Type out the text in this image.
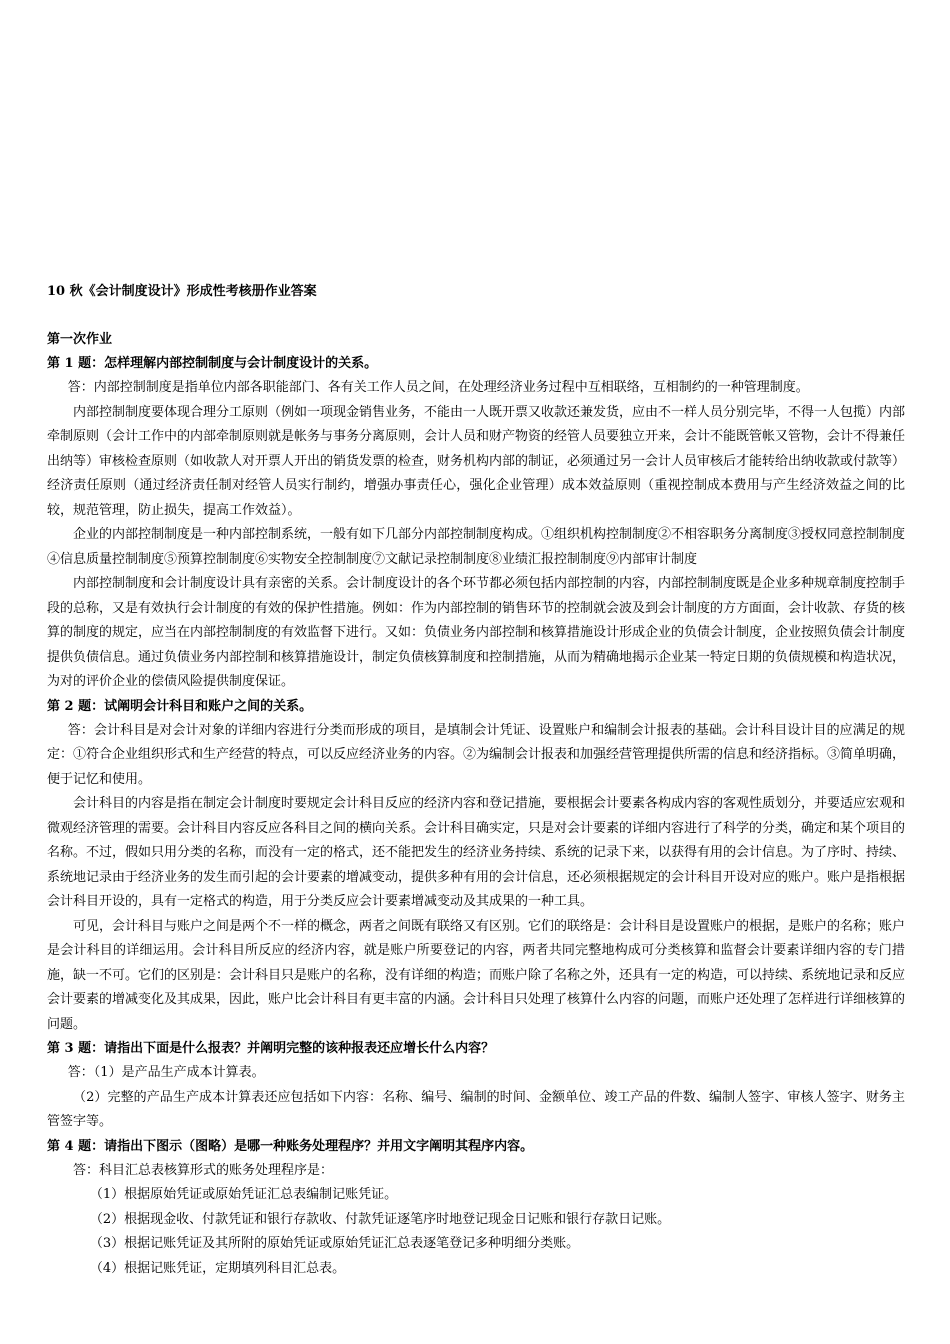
10 秋《会计制度设计》形成性考核册作业答案

第一次作业

第 1 题：怎样理解内部控制制度与会计制度设计的关系。

答：内部控制制度是指单位内部各职能部门、各有关工作人员之间，在处理经济业务过程中互相联络，互相制约的一种管理制度。

内部控制制度要体现合理分工原则（例如一项现金销售业务，不能由一人既开票又收款还兼发货，应由不一样人员分别完毕，不得一人包揽）内部牵制原则（会计工作中的内部牵制原则就是帐务与事务分离原则，会计人员和财产物资的经管人员要独立开来，会计不能既管帐又管物，会计不得兼任出纳等）审核检查原则（如收款人对开票人开出的销货发票的检查，财务机构内部的制证，必须通过另一会计人员审核后才能转给出纳收款或付款等）经济责任原则（通过经济责任制对经管人员实行制约，增强办事责任心，强化企业管理）成本效益原则（重视控制成本费用与产生经济效益之间的比较，规范管理，防止损失，提高工作效益）。

企业的内部控制制度是一种内部控制系统，一般有如下几部分内部控制制度构成。①组织机构控制制度②不相容职务分离制度③授权同意控制制度④信息质量控制制度⑤预算控制制度⑥实物安全控制制度⑦文献记录控制制度⑧业绩汇报控制制度⑨内部审计制度

内部控制制度和会计制度设计具有亲密的关系。会计制度设计的各个环节都必须包括内部控制的内容，内部控制制度既是企业多种规章制度控制手段的总称，又是有效执行会计制度的有效的保护性措施。例如：作为内部控制的销售环节的控制就会波及到会计制度的方方面面，会计收款、存货的核算的制度的规定，应当在内部控制制度的有效监督下进行。又如：负债业务内部控制和核算措施设计形成企业的负债会计制度，企业按照负债会计制度提供负债信息。通过负债业务内部控制和核算措施设计，制定负债核算制度和控制措施，从而为精确地揭示企业某一特定日期的负债规模和构造状况，为对的评价企业的偿债风险提供制度保证。

第 2 题：试阐明会计科目和账户之间的关系。

答：会计科目是对会计对象的详细内容进行分类而形成的项目，是填制会计凭证、设置账户和编制会计报表的基础。会计科目设计目的应满足的规定：①符合企业组织形式和生产经营的特点，可以反应经济业务的内容。②为编制会计报表和加强经营管理提供所需的信息和经济指标。③简单明确，便于记忆和使用。

会计科目的内容是指在制定会计制度时要规定会计科目反应的经济内容和登记措施，要根据会计要素各构成内容的客观性质划分，并要适应宏观和微观经济管理的需要。会计科目内容反应各科目之间的横向关系。会计科目确实定，只是对会计要素的详细内容进行了科学的分类，确定和某个项目的名称。不过，假如只用分类的名称，而没有一定的格式，还不能把发生的经济业务持续、系统的记录下来，以获得有用的会计信息。为了序时、持续、系统地记录由于经济业务的发生而引起的会计要素的增减变动，提供多种有用的会计信息，还必须根据规定的会计科目开设对应的账户。账户是指根据会计科目开设的，具有一定格式的构造，用于分类反应会计要素增减变动及其成果的一种工具。

可见，会计科目与账户之间是两个不一样的概念，两者之间既有联络又有区别。它们的联络是：会计科目是设置账户的根据，是账户的名称；账户是会计科目的详细运用。会计科目所反应的经济内容，就是账户所要登记的内容，两者共同完整地构成可分类核算和监督会计要素详细内容的专门措施，缺一不可。它们的区别是：会计科目只是账户的名称，没有详细的构造；而账户除了名称之外，还具有一定的构造，可以持续、系统地记录和反应会计要素的增减变化及其成果，因此，账户比会计科目有更丰富的内涵。会计科目只处理了核算什么内容的问题，而账户还处理了怎样进行详细核算的问题。

第 3 题：请指出下面是什么报表？并阐明完整的该种报表还应增长什么内容？

答：（1）是产品生产成本计算表。

（2）完整的产品生产成本计算表还应包括如下内容：名称、编号、编制的时间、金额单位、竣工产品的件数、编制人签字、审核人签字、财务主管签字等。

第 4 题：请指出下图示（图略）是哪一种账务处理程序？并用文字阐明其程序内容。

答：科目汇总表核算形式的账务处理程序是：

（1）根据原始凭证或原始凭证汇总表编制记账凭证。

（2）根据现金收、付款凭证和银行存款收、付款凭证逐笔序时地登记现金日记账和银行存款日记账。

（3）根据记账凭证及其所附的原始凭证或原始凭证汇总表逐笔登记多种明细分类账。

（4）根据记账凭证，定期填列科目汇总表。
